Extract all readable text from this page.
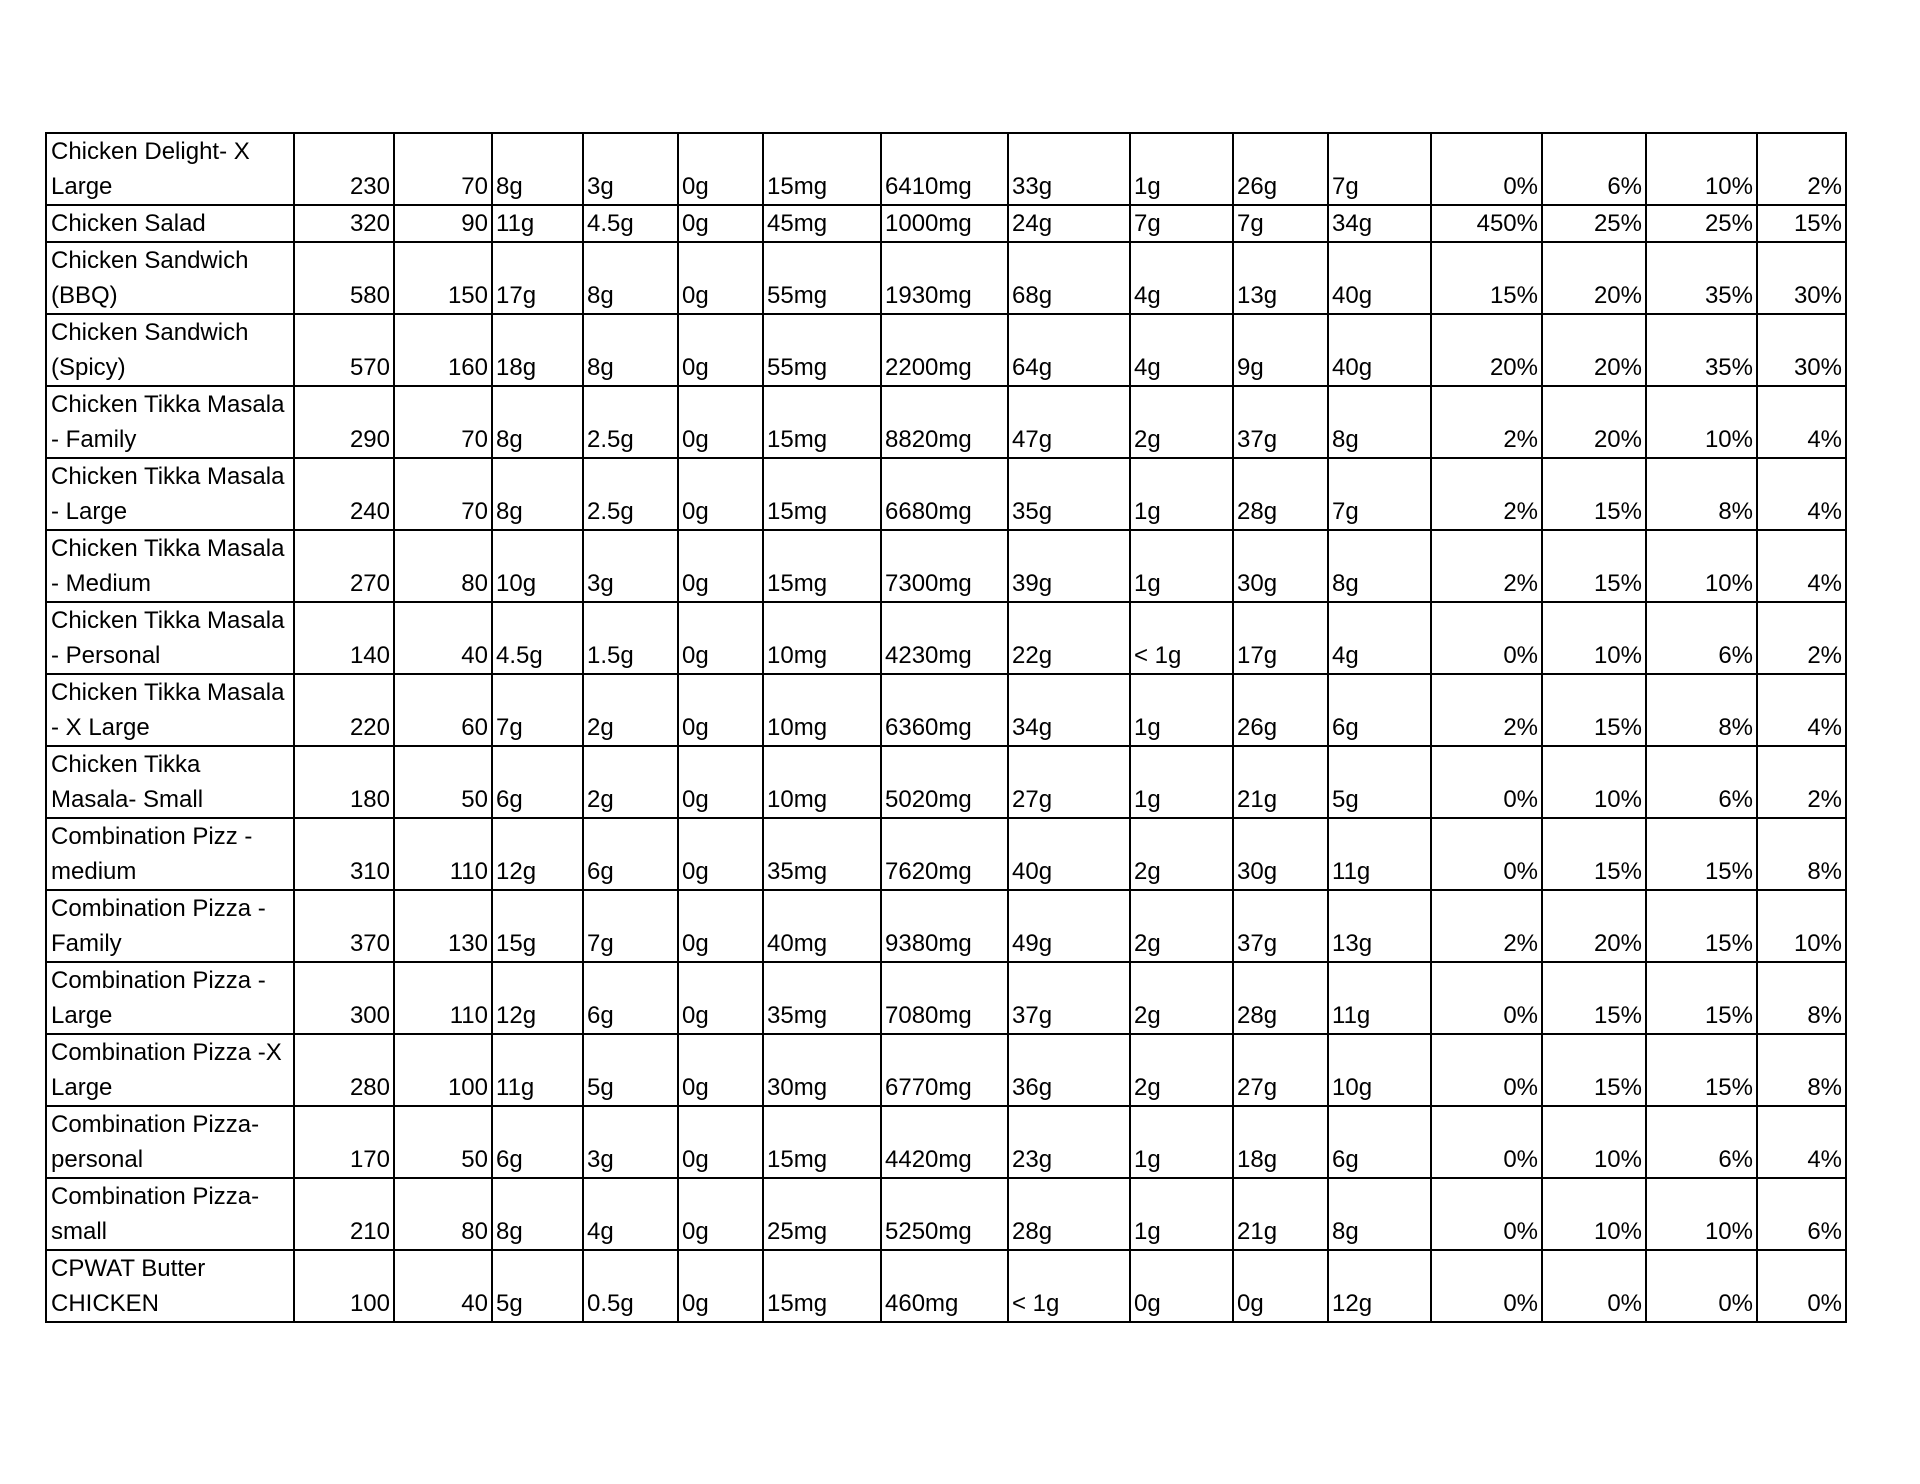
Chicken Delight- X Large	230	70	8g	3g	0g	15mg	6410mg	33g	1g	26g	7g	0%	6%	10%	2%
Chicken Salad	320	90	11g	4.5g	0g	45mg	1000mg	24g	7g	7g	34g	450%	25%	25%	15%
Chicken Sandwich (BBQ)	580	150	17g	8g	0g	55mg	1930mg	68g	4g	13g	40g	15%	20%	35%	30%
Chicken Sandwich (Spicy)	570	160	18g	8g	0g	55mg	2200mg	64g	4g	9g	40g	20%	20%	35%	30%
Chicken Tikka Masala - Family	290	70	8g	2.5g	0g	15mg	8820mg	47g	2g	37g	8g	2%	20%	10%	4%
Chicken Tikka Masala - Large	240	70	8g	2.5g	0g	15mg	6680mg	35g	1g	28g	7g	2%	15%	8%	4%
Chicken Tikka Masala - Medium	270	80	10g	3g	0g	15mg	7300mg	39g	1g	30g	8g	2%	15%	10%	4%
Chicken Tikka Masala - Personal	140	40	4.5g	1.5g	0g	10mg	4230mg	22g	< 1g	17g	4g	0%	10%	6%	2%
Chicken Tikka Masala - X Large	220	60	7g	2g	0g	10mg	6360mg	34g	1g	26g	6g	2%	15%	8%	4%
Chicken Tikka Masala- Small	180	50	6g	2g	0g	10mg	5020mg	27g	1g	21g	5g	0%	10%	6%	2%
Combination Pizz - medium	310	110	12g	6g	0g	35mg	7620mg	40g	2g	30g	11g	0%	15%	15%	8%
Combination Pizza - Family	370	130	15g	7g	0g	40mg	9380mg	49g	2g	37g	13g	2%	20%	15%	10%
Combination Pizza - Large	300	110	12g	6g	0g	35mg	7080mg	37g	2g	28g	11g	0%	15%	15%	8%
Combination Pizza -X Large	280	100	11g	5g	0g	30mg	6770mg	36g	2g	27g	10g	0%	15%	15%	8%
Combination Pizza- personal	170	50	6g	3g	0g	15mg	4420mg	23g	1g	18g	6g	0%	10%	6%	4%
Combination Pizza- small	210	80	8g	4g	0g	25mg	5250mg	28g	1g	21g	8g	0%	10%	10%	6%
CPWAT Butter CHICKEN	100	40	5g	0.5g	0g	15mg	460mg	< 1g	0g	0g	12g	0%	0%	0%	0%
